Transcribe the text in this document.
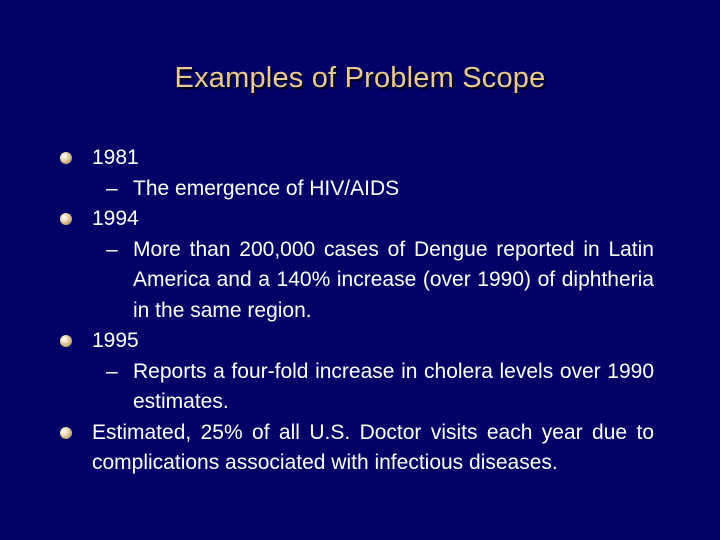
Examples of Problem Scope
1981
– The emergence of HIV/AIDS
1994
– More than 200,000 cases of Dengue reported in Latin America and a 140% increase (over 1990) of diphtheria in the same region.
1995
– Reports a four-fold increase in cholera levels over 1990 estimates.
Estimated, 25% of all U.S. Doctor visits each year due to complications associated with infectious diseases.
